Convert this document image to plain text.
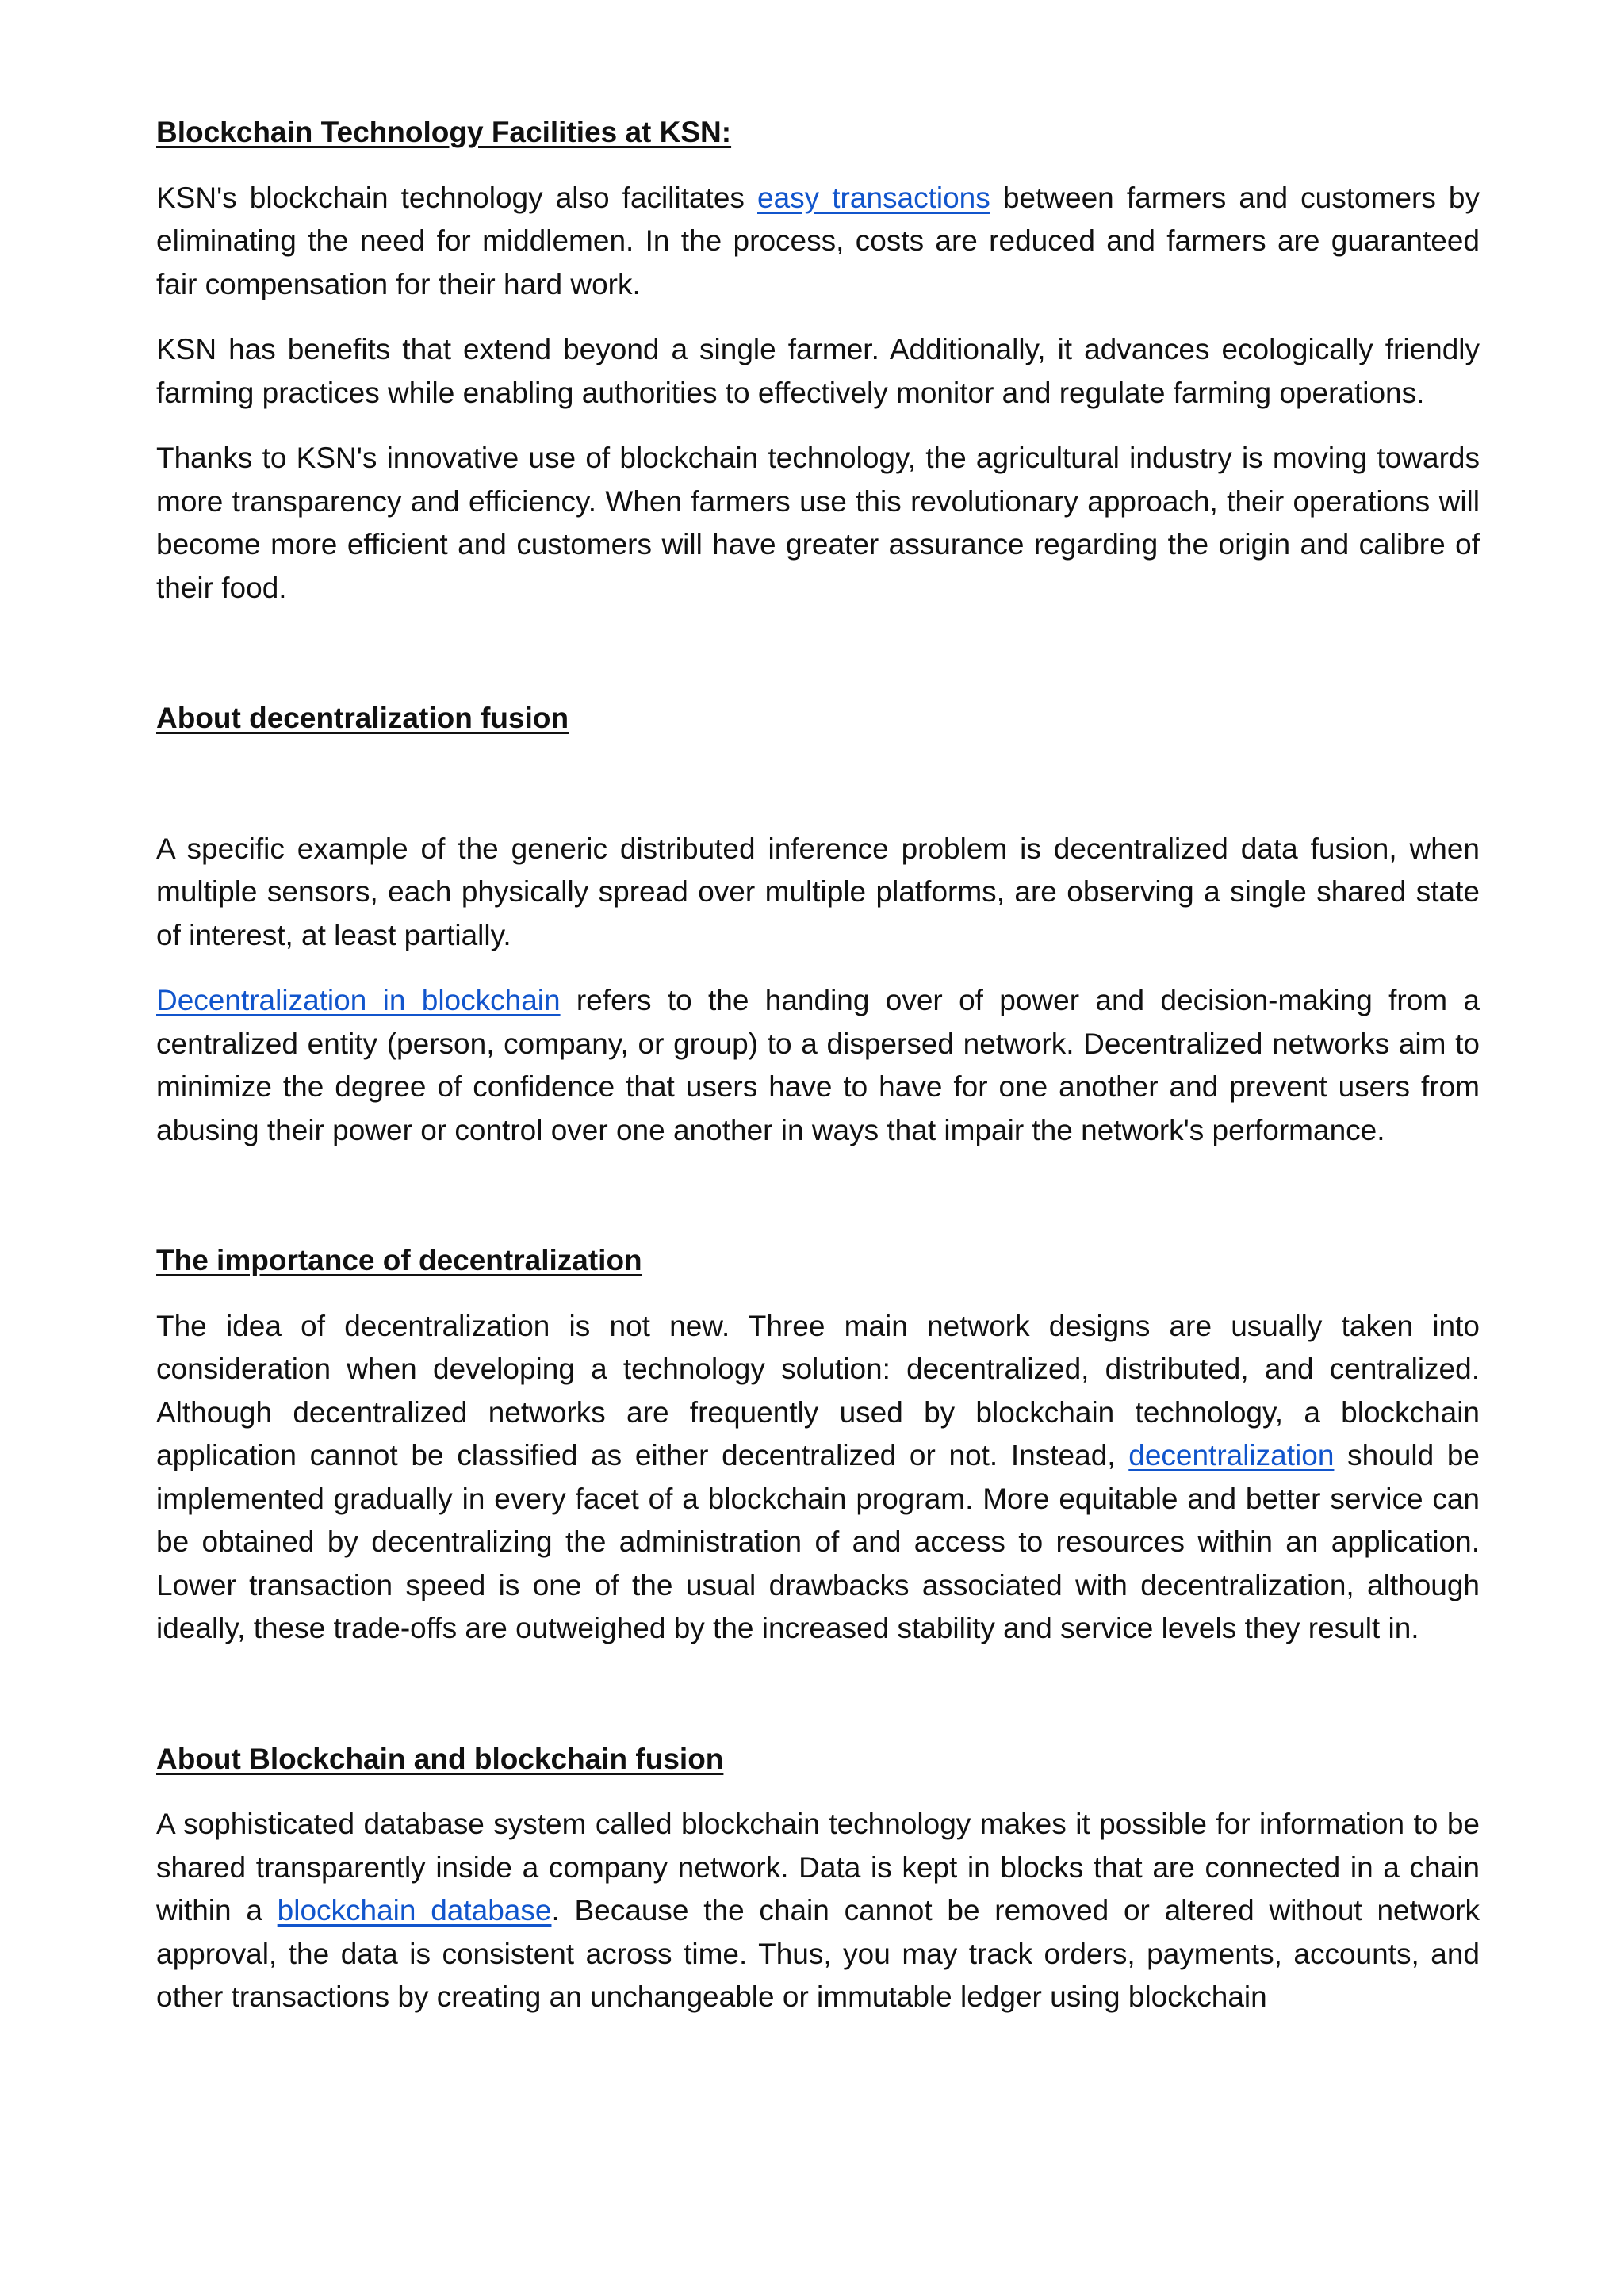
Blockchain Technology Facilities at KSN:

KSN's blockchain technology also facilitates easy transactions between farmers and customers by eliminating the need for middlemen. In the process, costs are reduced and farmers are guaranteed fair compensation for their hard work.

KSN has benefits that extend beyond a single farmer. Additionally, it advances ecologically friendly farming practices while enabling authorities to effectively monitor and regulate farming operations.

Thanks to KSN's innovative use of blockchain technology, the agricultural industry is moving towards more transparency and efficiency. When farmers use this revolutionary approach, their operations will become more efficient and customers will have greater assurance regarding the origin and calibre of their food.

About decentralization fusion

A specific example of the generic distributed inference problem is decentralized data fusion, when multiple sensors, each physically spread over multiple platforms, are observing a single shared state of interest, at least partially.

Decentralization in blockchain refers to the handing over of power and decision-making from a centralized entity (person, company, or group) to a dispersed network. Decentralized networks aim to minimize the degree of confidence that users have to have for one another and prevent users from abusing their power or control over one another in ways that impair the network's performance.

The importance of decentralization

The idea of decentralization is not new. Three main network designs are usually taken into consideration when developing a technology solution: decentralized, distributed, and centralized. Although decentralized networks are frequently used by blockchain technology, a blockchain application cannot be classified as either decentralized or not. Instead, decentralization should be implemented gradually in every facet of a blockchain program. More equitable and better service can be obtained by decentralizing the administration of and access to resources within an application. Lower transaction speed is one of the usual drawbacks associated with decentralization, although ideally, these trade-offs are outweighed by the increased stability and service levels they result in.

About Blockchain and blockchain fusion

A sophisticated database system called blockchain technology makes it possible for information to be shared transparently inside a company network. Data is kept in blocks that are connected in a chain within a blockchain database. Because the chain cannot be removed or altered without network approval, the data is consistent across time. Thus, you may track orders, payments, accounts, and other transactions by creating an unchangeable or immutable ledger using blockchain
